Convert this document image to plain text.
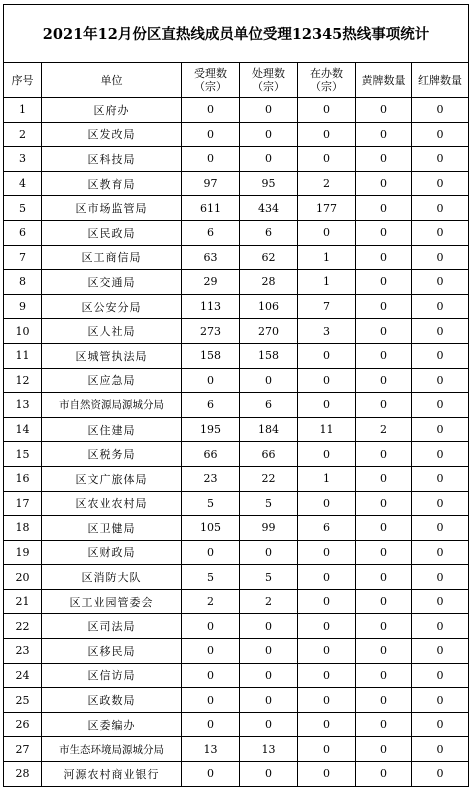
2021年12月份区直热线成员单位受理12345热线事项统计						
序号	单位	受理数（宗）	处理数（宗）	在办数（宗）	黄牌数量	红牌数量
1	区府办	0	0	0	0	0
2	区发改局	0	0	0	0	0
3	区科技局	0	0	0	0	0
4	区教育局	97	95	2	0	0
5	区市场监管局	611	434	177	0	0
6	区民政局	6	6	0	0	0
7	区工商信局	63	62	1	0	0
8	区交通局	29	28	1	0	0
9	区公安分局	113	106	7	0	0
10	区人社局	273	270	3	0	0
11	区城管执法局	158	158	0	0	0
12	区应急局	0	0	0	0	0
13	市自然资源局源城分局	6	6	0	0	0
14	区住建局	195	184	11	2	0
15	区税务局	66	66	0	0	0
16	区文广旅体局	23	22	1	0	0
17	区农业农村局	5	5	0	0	0
18	区卫健局	105	99	6	0	0
19	区财政局	0	0	0	0	0
20	区消防大队	5	5	0	0	0
21	区工业园管委会	2	2	0	0	0
22	区司法局	0	0	0	0	0
23	区移民局	0	0	0	0	0
24	区信访局	0	0	0	0	0
25	区政数局	0	0	0	0	0
26	区委编办	0	0	0	0	0
27	市生态环境局源城分局	13	13	0	0	0
28	河源农村商业银行	0	0	0	0	0
